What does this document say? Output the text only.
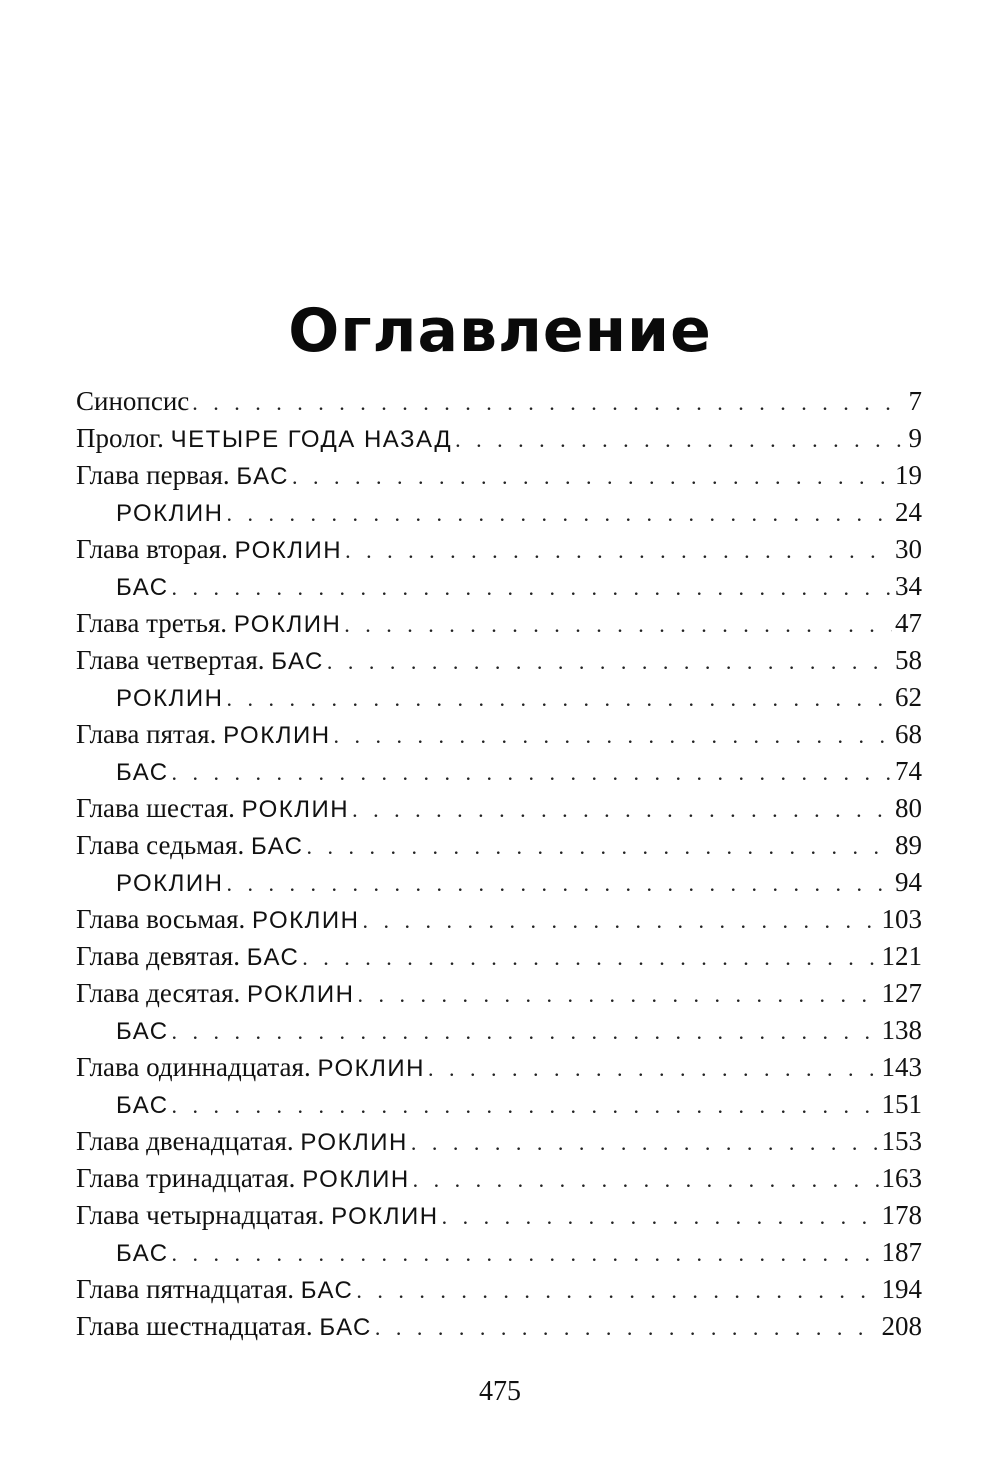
Оглавление
Синопсис . . .	7
Пролог. ЧЕТЫРЕ ГОДА НАЗАД . . .	9
Глава первая. БАС . . .	19
РОКЛИН . . .	24
Глава вторая. РОКЛИН . . .	30
БАС . . .	34
Глава третья. РОКЛИН . . .	47
Глава четвертая. БАС . . .	58
РОКЛИН . . .	62
Глава пятая. РОКЛИН . . .	68
БАС . . .	74
Глава шестая. РОКЛИН . . .	80
Глава седьмая. БАС . . .	89
РОКЛИН . . .	94
Глава восьмая. РОКЛИН . . .	103
Глава девятая. БАС . . .	121
Глава десятая. РОКЛИН . . .	127
БАС . . .	138
Глава одиннадцатая. РОКЛИН . . .	143
БАС . . .	151
Глава двенадцатая. РОКЛИН . . .	153
Глава тринадцатая. РОКЛИН . . .	163
Глава четырнадцатая. РОКЛИН . . .	178
БАС . . .	187
Глава пятнадцатая. БАС . . .	194
Глава шестнадцатая. БАС . . .	208
475
